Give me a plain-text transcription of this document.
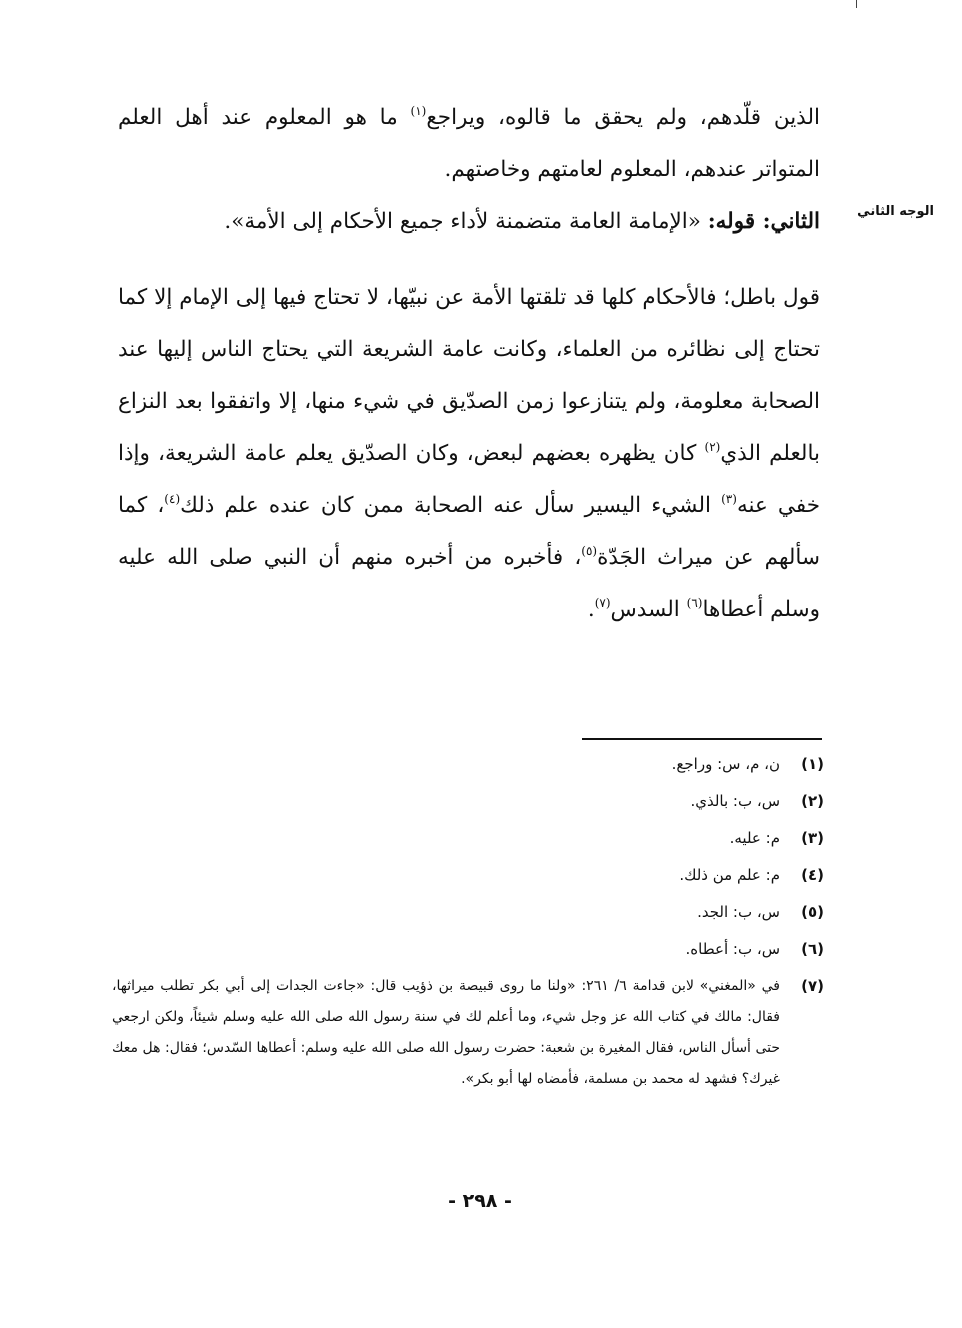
الوجه الثاني

الذين قلّدهم، ولم يحقق ما قالوه، ويراجع$^{(١)}$ ما هو المعلوم عند أهل العلم المتواتر عندهم، المعلوم لعامتهم وخاصتهم.

الثاني: قوله: «الإمامة العامة متضمنة لأداء جميع الأحكام إلى الأمة».

قول باطل؛ فالأحكام كلها قد تلقتها الأمة عن نبيّها، لا تحتاج فيها إلى الإمام إلا كما تحتاج إلى نظائره من العلماء، وكانت عامة الشريعة التي يحتاج الناس إليها عند الصحابة معلومة، ولم يتنازعوا زمن الصدّيق في شيء منها، إلا واتفقوا بعد النزاع بالعلم الذي$^{(٢)}$ كان يظهره بعضهم لبعض، وكان الصدّيق يعلم عامة الشريعة، وإذا خفي عنه$^{(٣)}$ الشيء اليسير سأل عنه الصحابة ممن كان عنده علم ذلك$^{(٤)}$، كما سألهم عن ميراث الجَدّة$^{(٥)}$، فأخبره من أخبره منهم أن النبي صلى الله عليه وسلم أعطاها$^{(٦)}$ السدس$^{(٧)}$.

(١)
ن، م، س: وراجع.
(٢)
س، ب: بالذي.
(٣)
م: عليه.
(٤)
م: علم من ذلك.
(٥)
س، ب: الجد.
(٦)
س، ب: أعطاه.
(٧)
في «المغني» لابن قدامة ٦/ ٢٦١: «ولنا ما روى قبيصة بن ذؤيب قال: «جاءت الجدات إلى أبي بكر تطلب ميراثها، فقال: مالك في كتاب الله عز وجل شيء، وما أعلم لك في سنة رسول الله صلى الله عليه وسلم شيئاً، ولكن ارجعي حتى أسأل الناس، فقال المغيرة بن شعبة: حضرت رسول الله صلى الله عليه وسلم: أعطاها السّدس؛ فقال: هل معك غيرك؟ فشهد له محمد بن مسلمة، فأمضاه لها أبو بكر».
- ٢٩٨ -
